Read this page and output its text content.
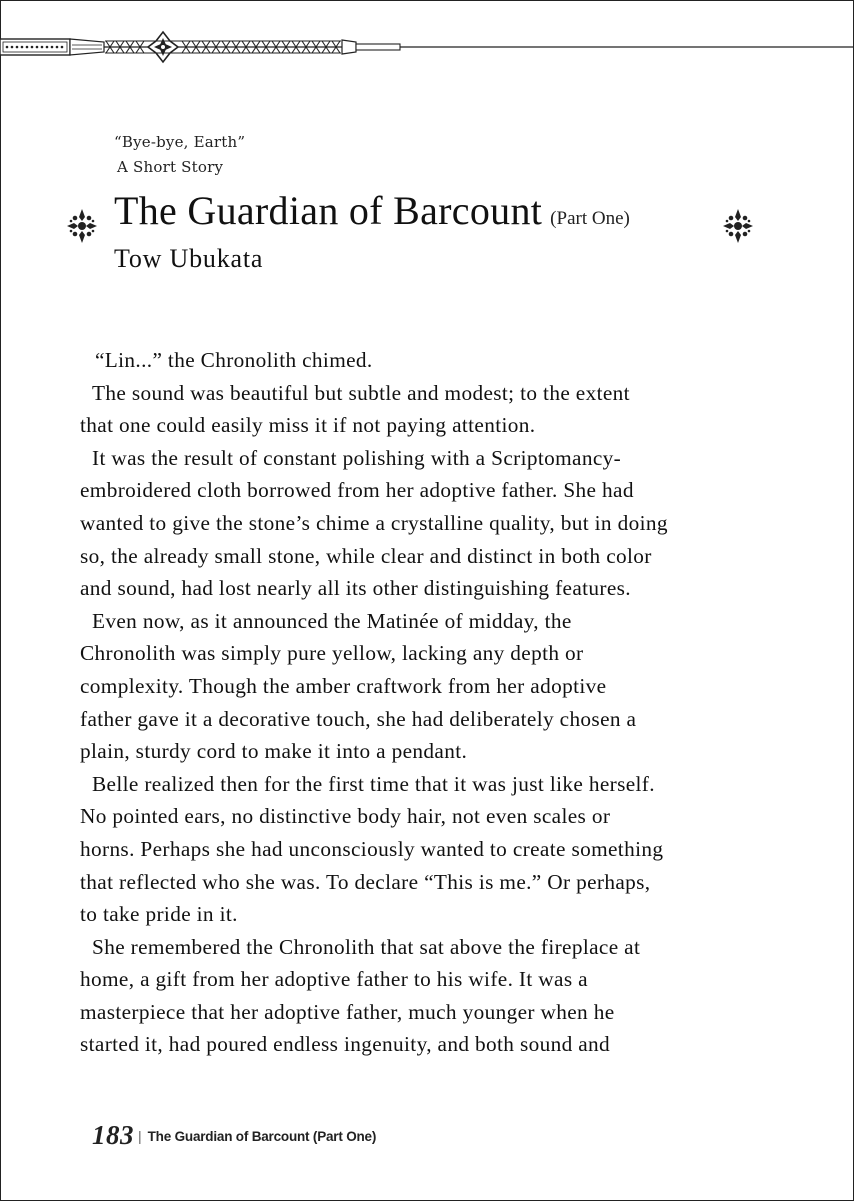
“Bye-bye, Earth”
A Short Story
The Guardian of Barcount (Part One)
Tow Ubukata
“Lin...” the Chronolith chimed.
The sound was beautiful but subtle and modest; to the extent
that one could easily miss it if not paying attention.
It was the result of constant polishing with a Scriptomancy-
embroidered cloth borrowed from her adoptive father. She had
wanted to give the stone’s chime a crystalline quality, but in doing
so, the already small stone, while clear and distinct in both color
and sound, had lost nearly all its other distinguishing features.
Even now, as it announced the Matinée of midday, the
Chronolith was simply pure yellow, lacking any depth or
complexity. Though the amber craftwork from her adoptive
father gave it a decorative touch, she had deliberately chosen a
plain, sturdy cord to make it into a pendant.
Belle realized then for the first time that it was just like herself.
No pointed ears, no distinctive body hair, not even scales or
horns. Perhaps she had unconsciously wanted to create something
that reflected who she was. To declare “This is me.” Or perhaps,
to take pride in it.
She remembered the Chronolith that sat above the fireplace at
home, a gift from her adoptive father to his wife. It was a
masterpiece that her adoptive father, much younger when he
started it, had poured endless ingenuity, and both sound and
183 | The Guardian of Barcount (Part One)
